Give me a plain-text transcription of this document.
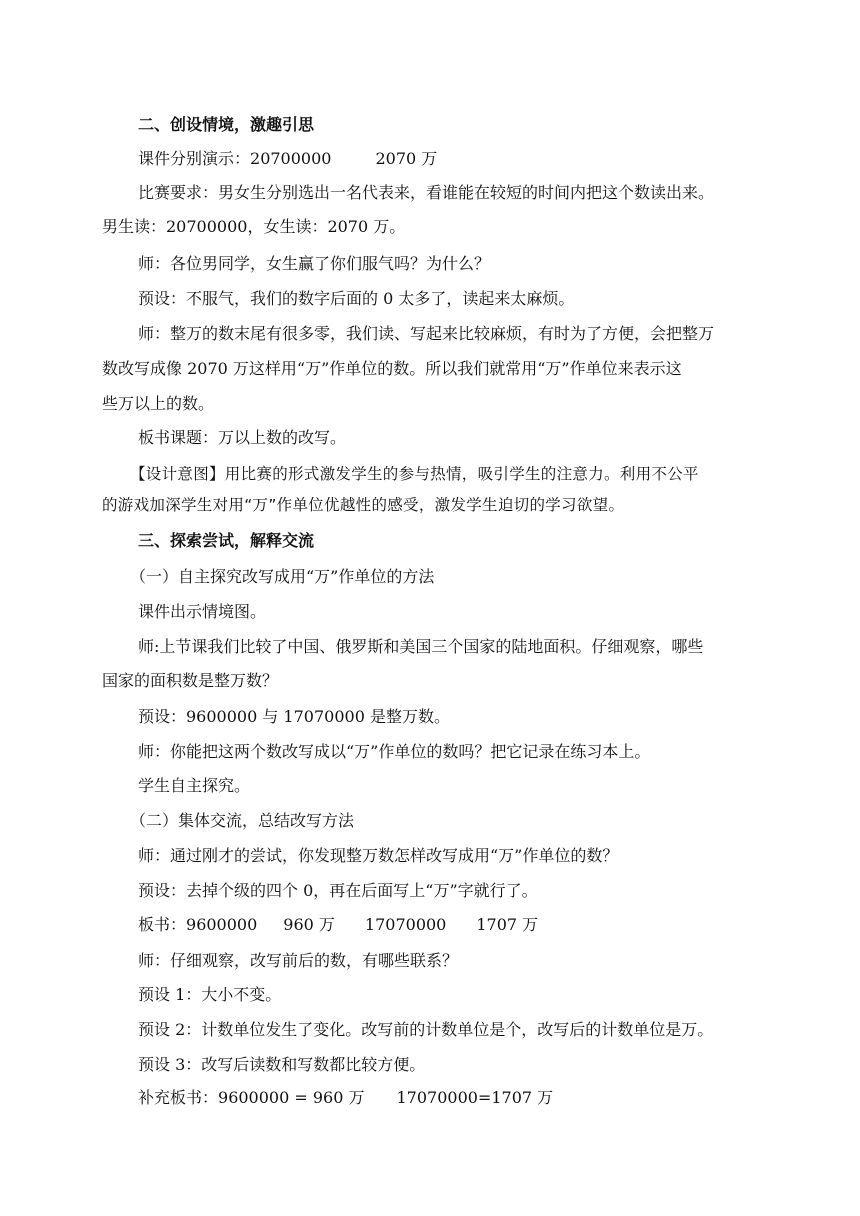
二、创设情境，激趣引思
课件分别演示：20700000	2070 万
比赛要求：男女生分别选出一名代表来，看谁能在较短的时间内把这个数读出来。
男生读：20700000，女生读：2070 万。
师：各位男同学，女生赢了你们服气吗？为什么？
预设：不服气，我们的数字后面的 0 太多了，读起来太麻烦。
师：整万的数末尾有很多零，我们读、写起来比较麻烦，有时为了方便，会把整万
数改写成像 2070 万这样用“万”作单位的数。所以我们就常用“万”作单位来表示这
些万以上的数。
板书课题：万以上数的改写。
【设计意图】用比赛的形式激发学生的参与热情，吸引学生的注意力。利用不公平
的游戏加深学生对用“万”作单位优越性的感受，激发学生迫切的学习欲望。
三、探索尝试，解释交流
（一）自主探究改写成用“万”作单位的方法
课件出示情境图。
师:上节课我们比较了中国、俄罗斯和美国三个国家的陆地面积。仔细观察，哪些
国家的面积数是整万数？
预设：9600000 与 17070000 是整万数。
师：你能把这两个数改写成以“万”作单位的数吗？把它记录在练习本上。
学生自主探究。
（二）集体交流，总结改写方法
师：通过刚才的尝试，你发现整万数怎样改写成用“万”作单位的数？
预设：去掉个级的四个 0，再在后面写上“万”字就行了。
板书：9600000 960 万 17070000 1707 万
师：仔细观察，改写前后的数，有哪些联系？
预设 1：大小不变。
预设 2：计数单位发生了变化。改写前的计数单位是个，改写后的计数单位是万。
预设 3：改写后读数和写数都比较方便。
补充板书：9600000 = 960 万 17070000=1707 万
